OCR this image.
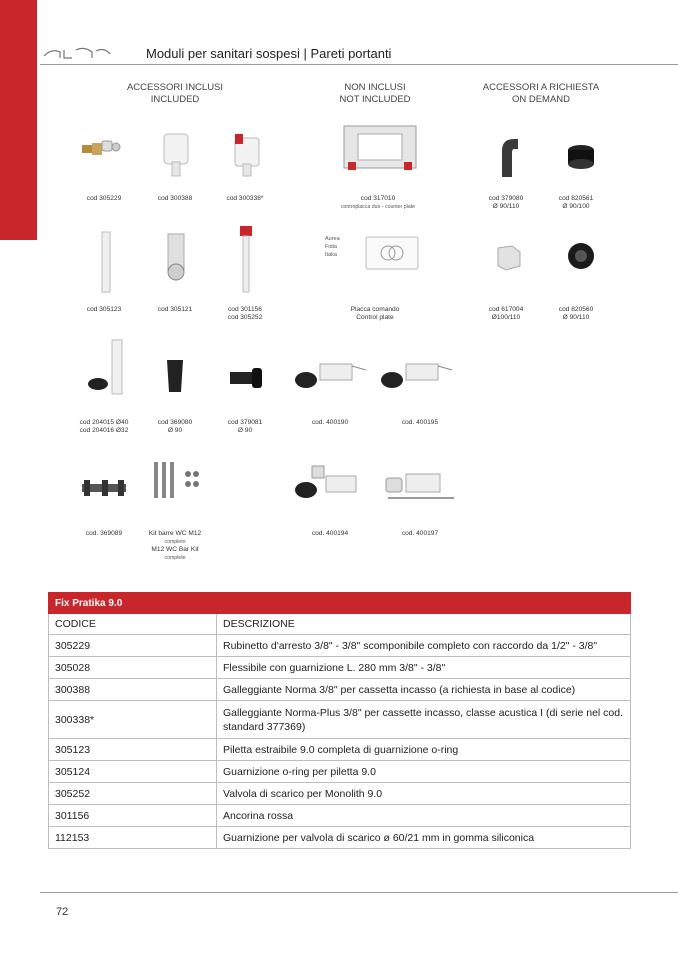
Moduli per sanitari sospesi | Pareti portanti
ACCESSORI INCLUSI
INCLUDED
NON INCLUSI
NOT INCLUDED
ACCESSORI A RICHIESTA
ON DEMAND
cod 305229	cod 300388	cod 300338*	cod 317010
controplacca duo - counter plate
cod 379080
Ø 90/110
cod 820561
Ø 90/100
Aurea
Fidia
Itaka
cod 305123	cod 305121	cod 301156
cod 305252
Placca comando
Control plate
cod 617004
Ø100/110
cod 820560
Ø 90/110
cod 204015 Ø40
cod 204016 Ø32
cod 369080
Ø 90
cod 379081
Ø 90
cod. 400190	cod. 400195
cod. 369089	Kit barre WC M12
completo
M12 WC Bar Kit
complete
cod. 400194	cod. 400197
Fix Pratika 9.0	
CODICE	DESCRIZIONE
305229	Rubinetto d'arresto 3/8" - 3/8" scomponibile completo con raccordo da 1/2" - 3/8"
305028	Flessibile con guarnizione L. 280 mm 3/8" - 3/8"
300388	Galleggiante Norma 3/8" per cassetta incasso (a richiesta in base al codice)
300338*	Galleggiante Norma-Plus 3/8" per cassette incasso, classe acustica I (di serie nel cod. standard 377369)
305123	Piletta estraibile 9.0 completa di guarnizione o-ring
305124	Guarnizione o-ring per piletta 9.0
305252	Valvola di scarico per Monolith 9.0
301156	Ancorina rossa
112153	Guarnizione per valvola di scarico ø 60/21 mm in gomma siliconica
72
